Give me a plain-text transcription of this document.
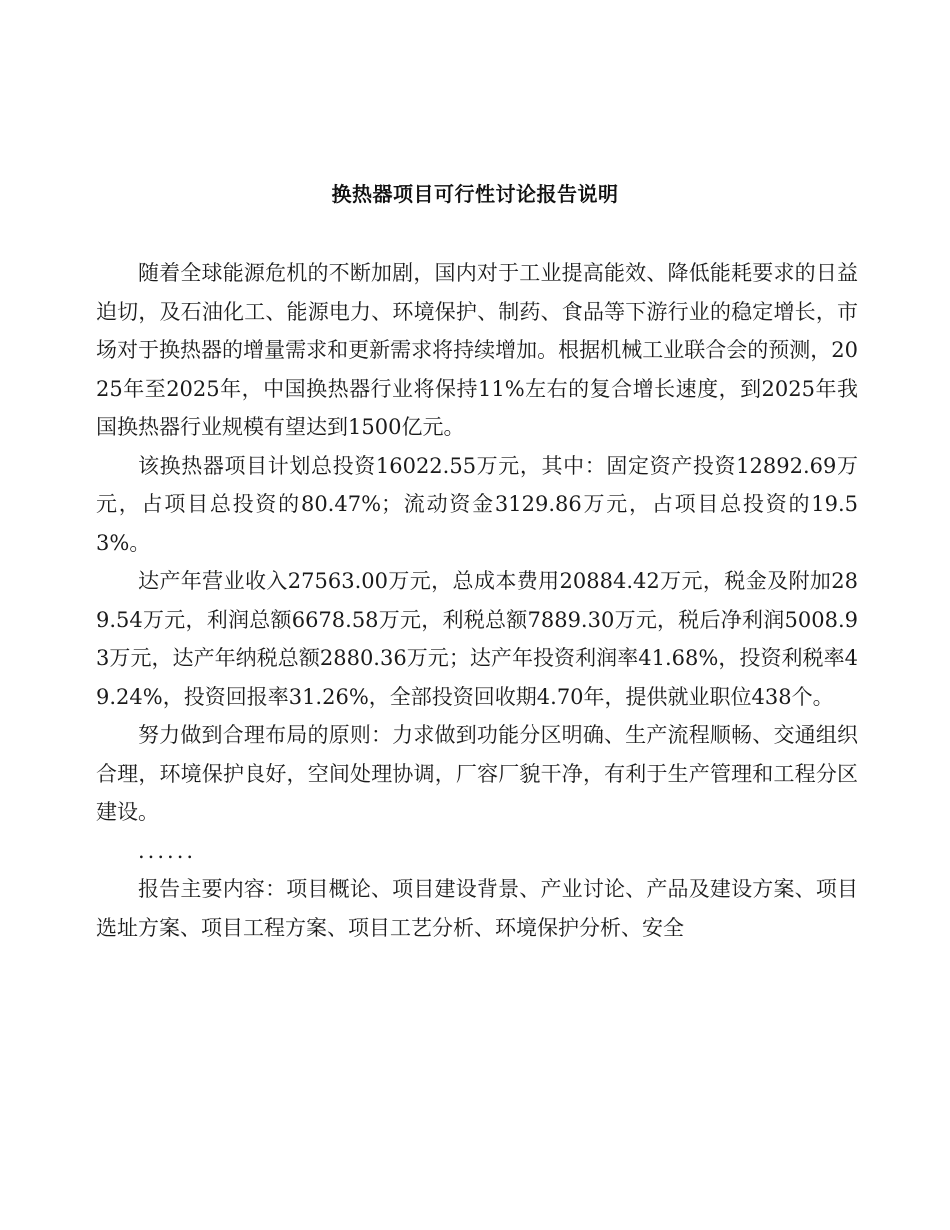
换热器项目可行性讨论报告说明

随着全球能源危机的不断加剧，国内对于工业提高能效、降低能耗要求的日益迫切，及石油化工、能源电力、环境保护、制药、食品等下游行业的稳定增长，市场对于换热器的增量需求和更新需求将持续增加。根据机械工业联合会的预测，2025年至2025年，中国换热器行业将保持11%左右的复合增长速度，到2025年我国换热器行业规模有望达到1500亿元。

该换热器项目计划总投资16022.55万元，其中：固定资产投资12892.69万元，占项目总投资的80.47%；流动资金3129.86万元，占项目总投资的19.53%。

达产年营业收入27563.00万元，总成本费用20884.42万元，税金及附加289.54万元，利润总额6678.58万元，利税总额7889.30万元，税后净利润5008.93万元，达产年纳税总额2880.36万元；达产年投资利润率41.68%，投资利税率49.24%，投资回报率31.26%，全部投资回收期4.70年，提供就业职位438个。

努力做到合理布局的原则：力求做到功能分区明确、生产流程顺畅、交通组织合理，环境保护良好，空间处理协调，厂容厂貌干净，有利于生产管理和工程分区建设。

......

报告主要内容：项目概论、项目建设背景、产业讨论、产品及建设方案、项目选址方案、项目工程方案、项目工艺分析、环境保护分析、安全
